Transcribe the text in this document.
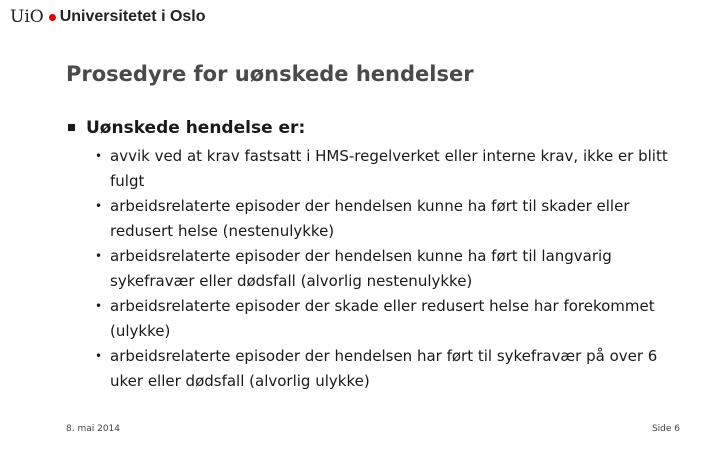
UiO Universitetet i Oslo
Prosedyre for uønskede hendelser
Uønskede hendelse er:
• avvik ved at krav fastsatt i HMS-regelverket eller interne krav, ikke er blitt fulgt
• arbeidsrelaterte episoder der hendelsen kunne ha ført til skader eller redusert helse (nestenulykke)
• arbeidsrelaterte episoder der hendelsen kunne ha ført til langvarig sykefravær eller dødsfall (alvorlig nestenulykke)
• arbeidsrelaterte episoder der skade eller redusert helse har forekommet (ulykke)
• arbeidsrelaterte episoder der hendelsen har ført til sykefravær på over 6 uker eller dødsfall (alvorlig ulykke)
8. mai 2014	Side 6
